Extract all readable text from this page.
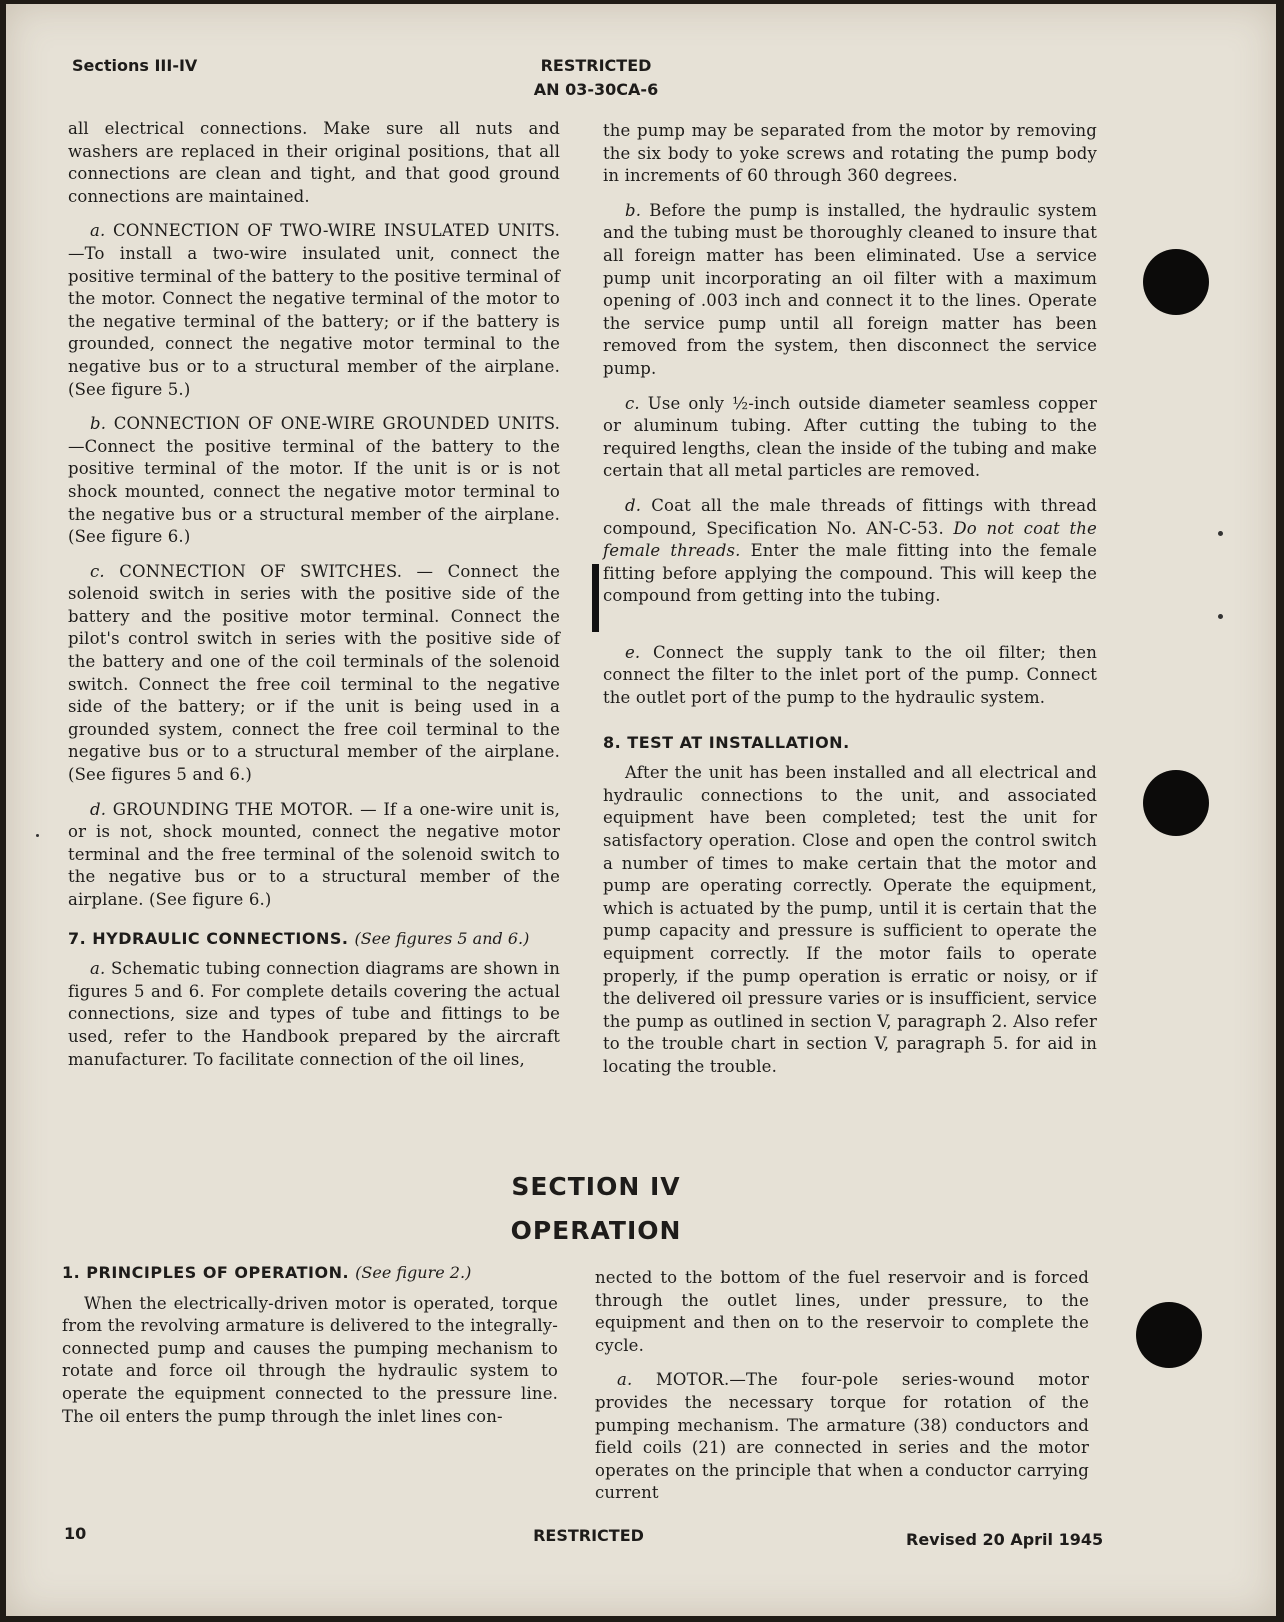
Sections III-IV	RESTRICTED
AN 03-30CA-6

all electrical connections. Make sure all nuts and washers are replaced in their original positions, that all connections are clean and tight, and that good ground connections are maintained.

a. CONNECTION OF TWO-WIRE INSULATED UNITS.—To install a two-wire insulated unit, connect the positive terminal of the battery to the positive terminal of the motor. Connect the negative terminal of the motor to the negative terminal of the battery; or if the battery is grounded, connect the negative motor terminal to the negative bus or to a structural member of the airplane. (See figure 5.)

b. CONNECTION OF ONE-WIRE GROUNDED UNITS.—Connect the positive terminal of the battery to the positive terminal of the motor. If the unit is or is not shock mounted, connect the negative motor terminal to the negative bus or a structural member of the airplane. (See figure 6.)

c. CONNECTION OF SWITCHES. — Connect the solenoid switch in series with the positive side of the battery and the positive motor terminal. Connect the pilot's control switch in series with the positive side of the battery and one of the coil terminals of the solenoid switch. Connect the free coil terminal to the negative side of the battery; or if the unit is being used in a grounded system, connect the free coil terminal to the negative bus or to a structural member of the airplane. (See figures 5 and 6.)

d. GROUNDING THE MOTOR. — If a one-wire unit is, or is not, shock mounted, connect the negative motor terminal and the free terminal of the solenoid switch to the negative bus or to a structural member of the airplane. (See figure 6.)

7. HYDRAULIC CONNECTIONS. (See figures 5 and 6.)

a. Schematic tubing connection diagrams are shown in figures 5 and 6. For complete details covering the actual connections, size and types of tube and fittings to be used, refer to the Handbook prepared by the aircraft manufacturer. To facilitate connection of the oil lines,

the pump may be separated from the motor by removing the six body to yoke screws and rotating the pump body in increments of 60 through 360 degrees.

b. Before the pump is installed, the hydraulic system and the tubing must be thoroughly cleaned to insure that all foreign matter has been eliminated. Use a service pump unit incorporating an oil filter with a maximum opening of .003 inch and connect it to the lines. Operate the service pump until all foreign matter has been removed from the system, then disconnect the service pump.

c. Use only ½-inch outside diameter seamless copper or aluminum tubing. After cutting the tubing to the required lengths, clean the inside of the tubing and make certain that all metal particles are removed.

d. Coat all the male threads of fittings with thread compound, Specification No. AN-C-53. Do not coat the female threads. Enter the male fitting into the female fitting before applying the compound. This will keep the compound from getting into the tubing.

e. Connect the supply tank to the oil filter; then connect the filter to the inlet port of the pump. Connect the outlet port of the pump to the hydraulic system.

8. TEST AT INSTALLATION.

After the unit has been installed and all electrical and hydraulic connections to the unit, and associated equipment have been completed; test the unit for satisfactory operation. Close and open the control switch a number of times to make certain that the motor and pump are operating correctly. Operate the equipment, which is actuated by the pump, until it is certain that the pump capacity and pressure is sufficient to operate the equipment correctly. If the motor fails to operate properly, if the pump operation is erratic or noisy, or if the delivered oil pressure varies or is insufficient, service the pump as outlined in section V, paragraph 2. Also refer to the trouble chart in section V, paragraph 5. for aid in locating the trouble.

SECTION IV
OPERATION
1. PRINCIPLES OF OPERATION. (See figure 2.)

When the electrically-driven motor is operated, torque from the revolving armature is delivered to the integrally-connected pump and causes the pumping mechanism to rotate and force oil through the hydraulic system to operate the equipment connected to the pressure line. The oil enters the pump through the inlet lines con-

nected to the bottom of the fuel reservoir and is forced through the outlet lines, under pressure, to the equipment and then on to the reservoir to complete the cycle.

a. MOTOR.—The four-pole series-wound motor provides the necessary torque for rotation of the pumping mechanism. The armature (38) conductors and field coils (21) are connected in series and the motor operates on the principle that when a conductor carrying current

10	RESTRICTED	Revised 20 April 1945
